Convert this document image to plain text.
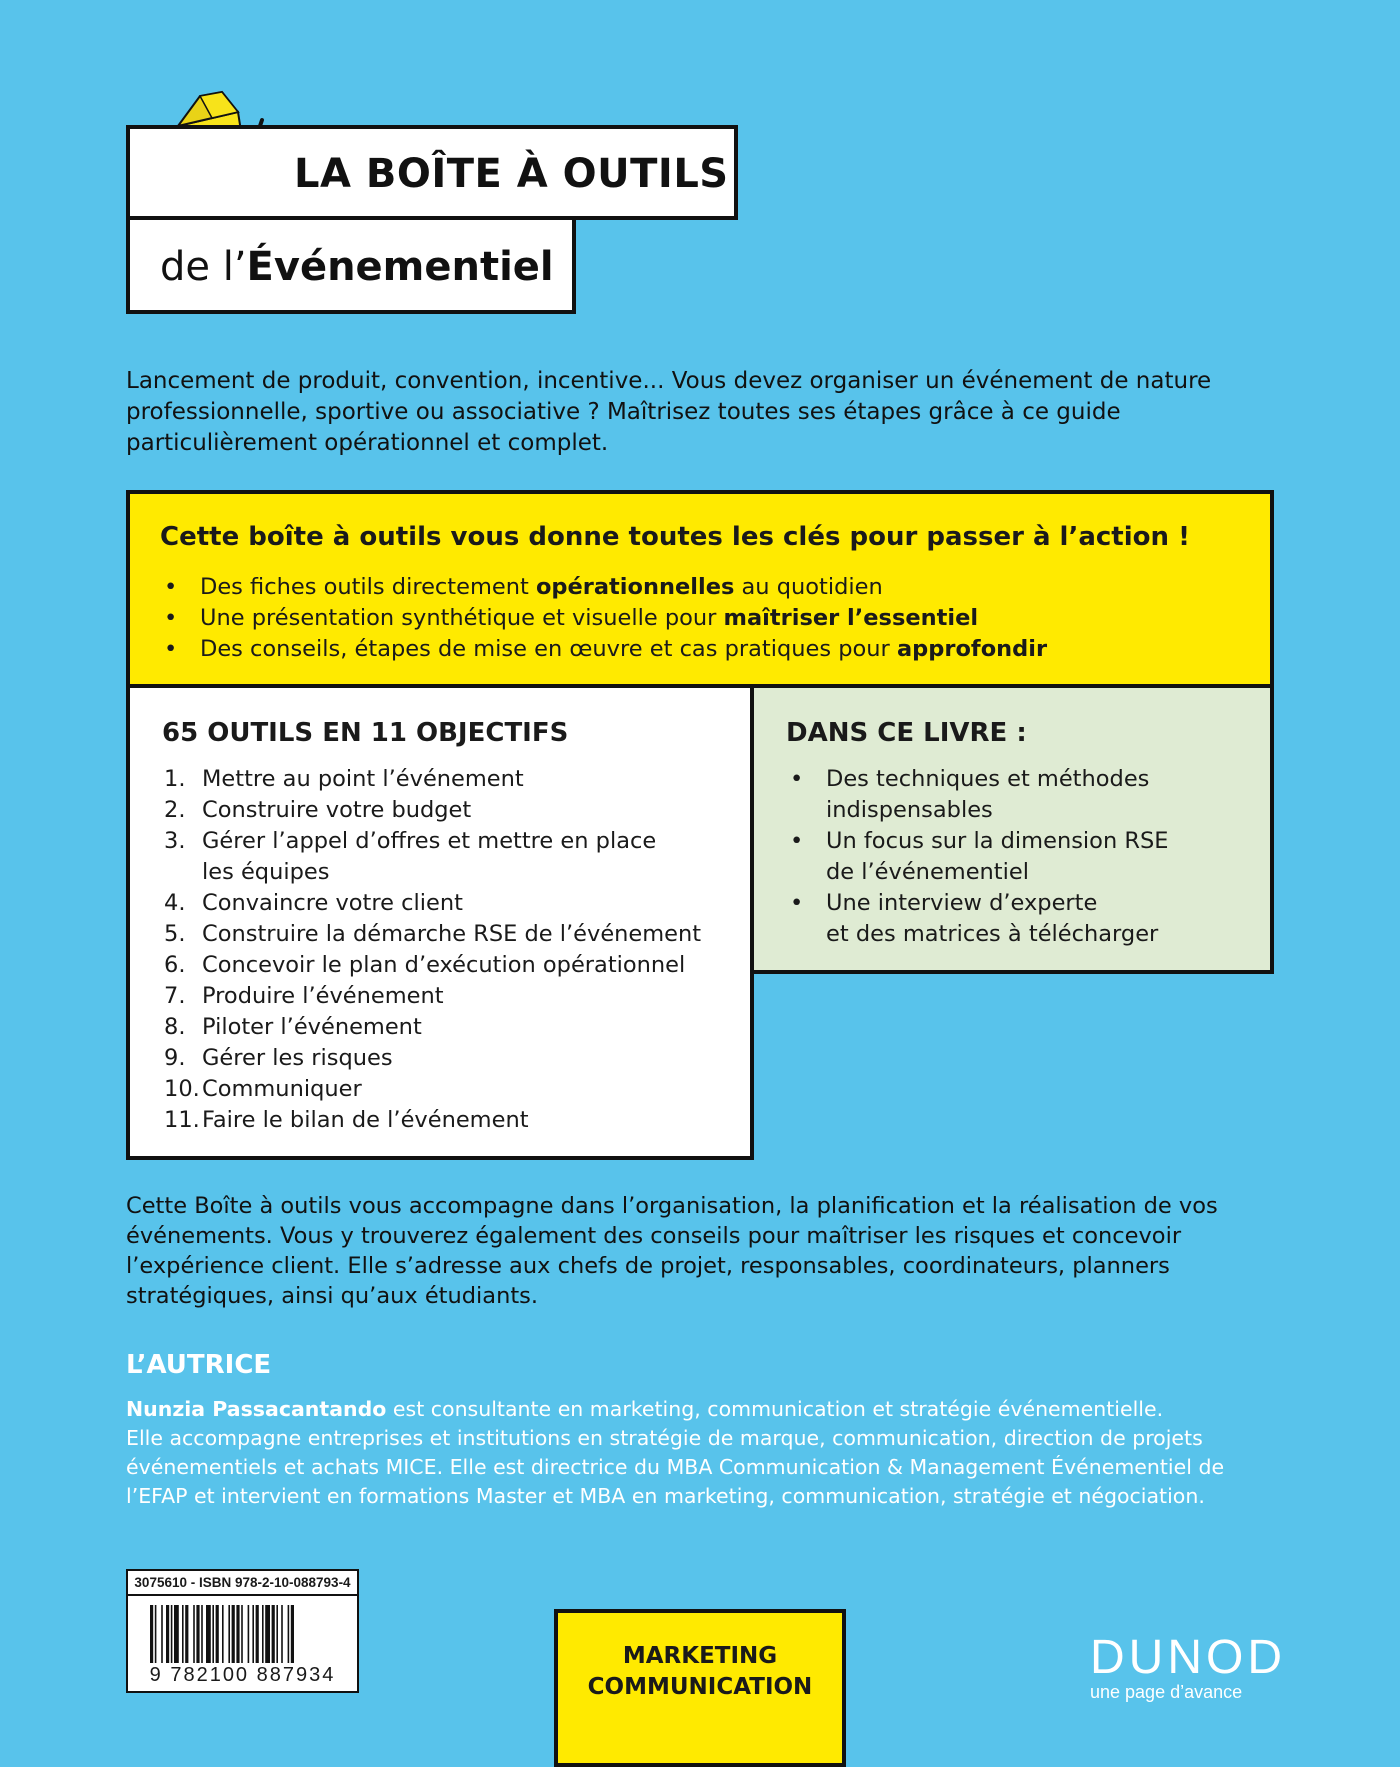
LA BOÎTE À OUTILS
de l’Événementiel
Lancement de produit, convention, incentive... Vous devez organiser un événement de nature professionnelle, sportive ou associative ? Maîtrisez toutes ses étapes grâce à ce guide particulièrement opérationnel et complet.
Cette boîte à outils vous donne toutes les clés pour passer à l’action !
• Des fiches outils directement opérationnelles au quotidien
• Une présentation synthétique et visuelle pour maîtriser l’essentiel
• Des conseils, étapes de mise en œuvre et cas pratiques pour approfondir
65 OUTILS EN 11 OBJECTIFS
1. Mettre au point l’événement
2. Construire votre budget
3. Gérer l’appel d’offres et mettre en place
les équipes
4. Convaincre votre client
5. Construire la démarche RSE de l’événement
6. Concevoir le plan d’exécution opérationnel
7. Produire l’événement
8. Piloter l’événement
9. Gérer les risques
10. Communiquer
11. Faire le bilan de l’événement
DANS CE LIVRE :
• Des techniques et méthodes
indispensables
• Un focus sur la dimension RSE
de l’événementiel
• Une interview d’experte
et des matrices à télécharger
Cette Boîte à outils vous accompagne dans l’organisation, la planification et la réalisation de vos événements. Vous y trouverez également des conseils pour maîtriser les risques et concevoir l’expérience client. Elle s’adresse aux chefs de projet, responsables, coordinateurs, planners stratégiques, ainsi qu’aux étudiants.
L’AUTRICE
Nunzia Passacantando est consultante en marketing, communication et stratégie événementielle.
Elle accompagne entreprises et institutions en stratégie de marque, communication, direction de projets événementiels et achats MICE. Elle est directrice du MBA Communication & Management Événementiel de l’EFAP et intervient en formations Master et MBA en marketing, communication, stratégie et négociation.
3075610 - ISBN 978-2-10-088793-4
9 782100 887934
MARKETING
COMMUNICATION
DUNOD
une page d’avance
